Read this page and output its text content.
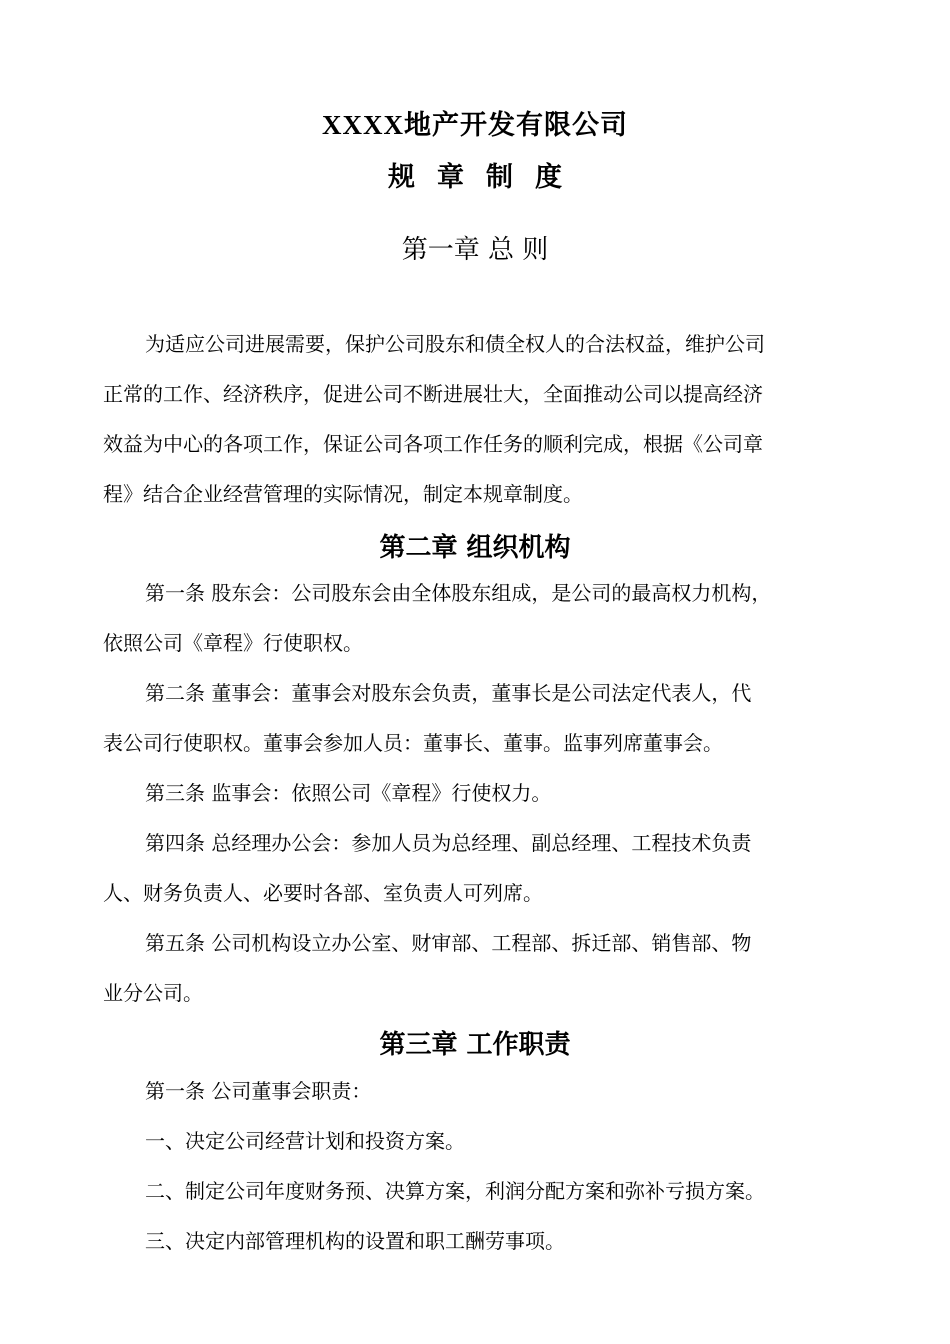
XXXX地产开发有限公司
规章制度
第一章 总 则
为适应公司进展需要，保护公司股东和债全权人的合法权益，维护公司
正常的工作、经济秩序，促进公司不断进展壮大，全面推动公司以提高经济
效益为中心的各项工作，保证公司各项工作任务的顺利完成，根据《公司章
程》结合企业经营管理的实际情况，制定本规章制度。
第二章 组织机构
第一条 股东会：公司股东会由全体股东组成，是公司的最高权力机构，
依照公司《章程》行使职权。
第二条 董事会：董事会对股东会负责，董事长是公司法定代表人，代
表公司行使职权。董事会参加人员：董事长、董事。监事列席董事会。
第三条 监事会：依照公司《章程》行使权力。
第四条 总经理办公会：参加人员为总经理、副总经理、工程技术负责
人、财务负责人、必要时各部、室负责人可列席。
第五条 公司机构设立办公室、财审部、工程部、拆迁部、销售部、物
业分公司。
第三章 工作职责
第一条 公司董事会职责：
一、决定公司经营计划和投资方案。
二、制定公司年度财务预、决算方案，利润分配方案和弥补亏损方案。
三、决定内部管理机构的设置和职工酬劳事项。
